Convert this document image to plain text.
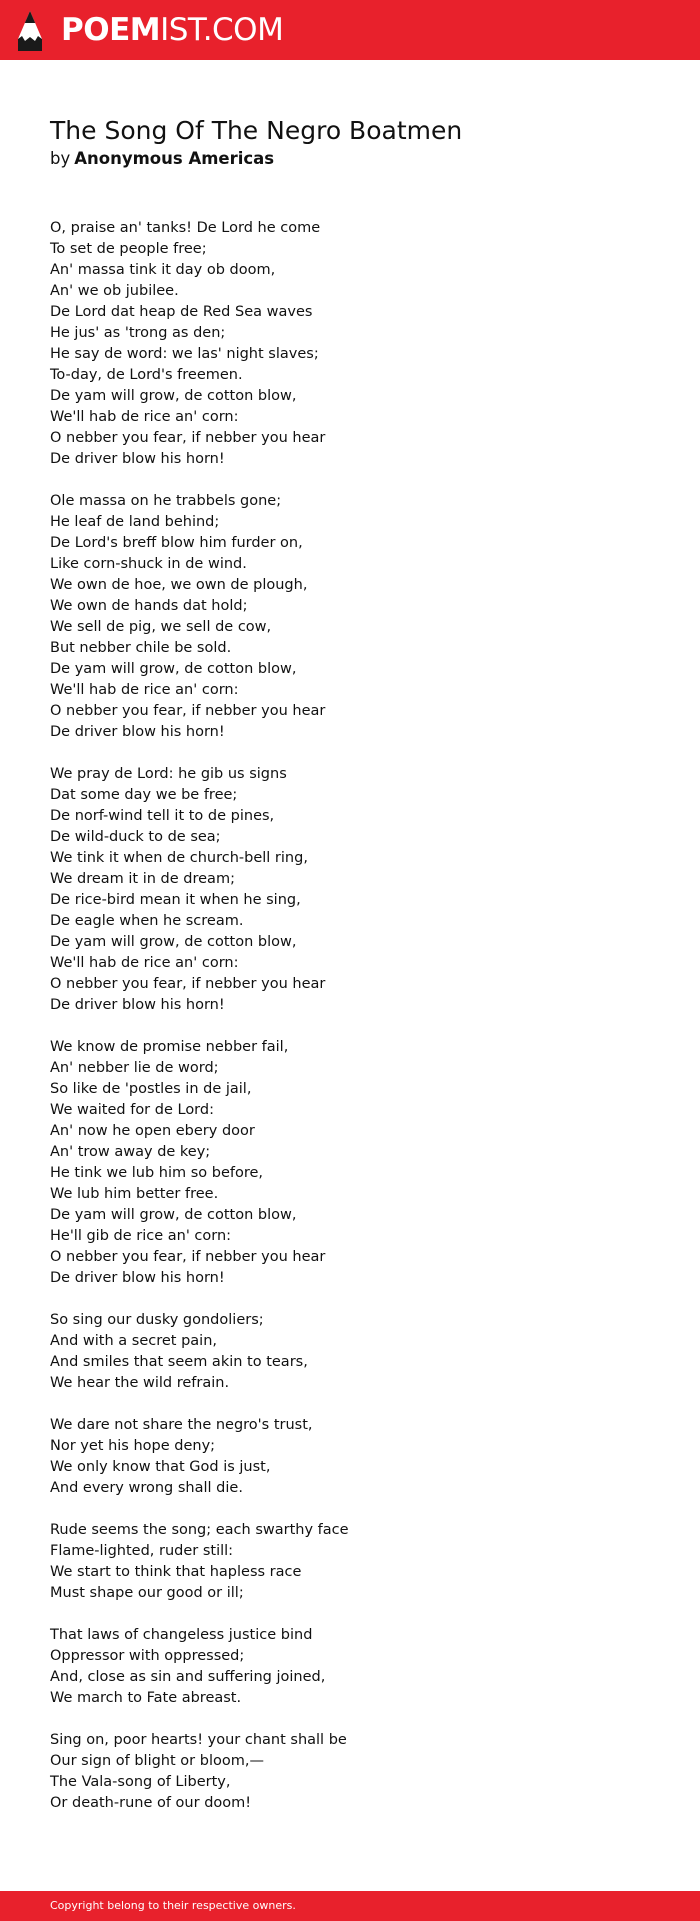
POEMIST.COM
The Song Of The Negro Boatmen
by Anonymous Americas
O, praise an' tanks! De Lord he come
To set de people free;
An' massa tink it day ob doom,
An' we ob jubilee.
De Lord dat heap de Red Sea waves
He jus' as 'trong as den;
He say de word: we las' night slaves;
To-day, de Lord's freemen.
De yam will grow, de cotton blow,
We'll hab de rice an' corn:
O nebber you fear, if nebber you hear
De driver blow his horn!
Ole massa on he trabbels gone;
He leaf de land behind;
De Lord's breff blow him furder on,
Like corn-shuck in de wind.
We own de hoe, we own de plough,
We own de hands dat hold;
We sell de pig, we sell de cow,
But nebber chile be sold.
De yam will grow, de cotton blow,
We'll hab de rice an' corn:
O nebber you fear, if nebber you hear
De driver blow his horn!
We pray de Lord: he gib us signs
Dat some day we be free;
De norf-wind tell it to de pines,
De wild-duck to de sea;
We tink it when de church-bell ring,
We dream it in de dream;
De rice-bird mean it when he sing,
De eagle when he scream.
De yam will grow, de cotton blow,
We'll hab de rice an' corn:
O nebber you fear, if nebber you hear
De driver blow his horn!
We know de promise nebber fail,
An' nebber lie de word;
So like de 'postles in de jail,
We waited for de Lord:
An' now he open ebery door
An' trow away de key;
He tink we lub him so before,
We lub him better free.
De yam will grow, de cotton blow,
He'll gib de rice an' corn:
O nebber you fear, if nebber you hear
De driver blow his horn!
So sing our dusky gondoliers;
And with a secret pain,
And smiles that seem akin to tears,
We hear the wild refrain.
We dare not share the negro's trust,
Nor yet his hope deny;
We only know that God is just,
And every wrong shall die.
Rude seems the song; each swarthy face
Flame-lighted, ruder still:
We start to think that hapless race
Must shape our good or ill;
That laws of changeless justice bind
Oppressor with oppressed;
And, close as sin and suffering joined,
We march to Fate abreast.
Sing on, poor hearts! your chant shall be
Our sign of blight or bloom,—
The Vala-song of Liberty,
Or death-rune of our doom!
Copyright belong to their respective owners.
